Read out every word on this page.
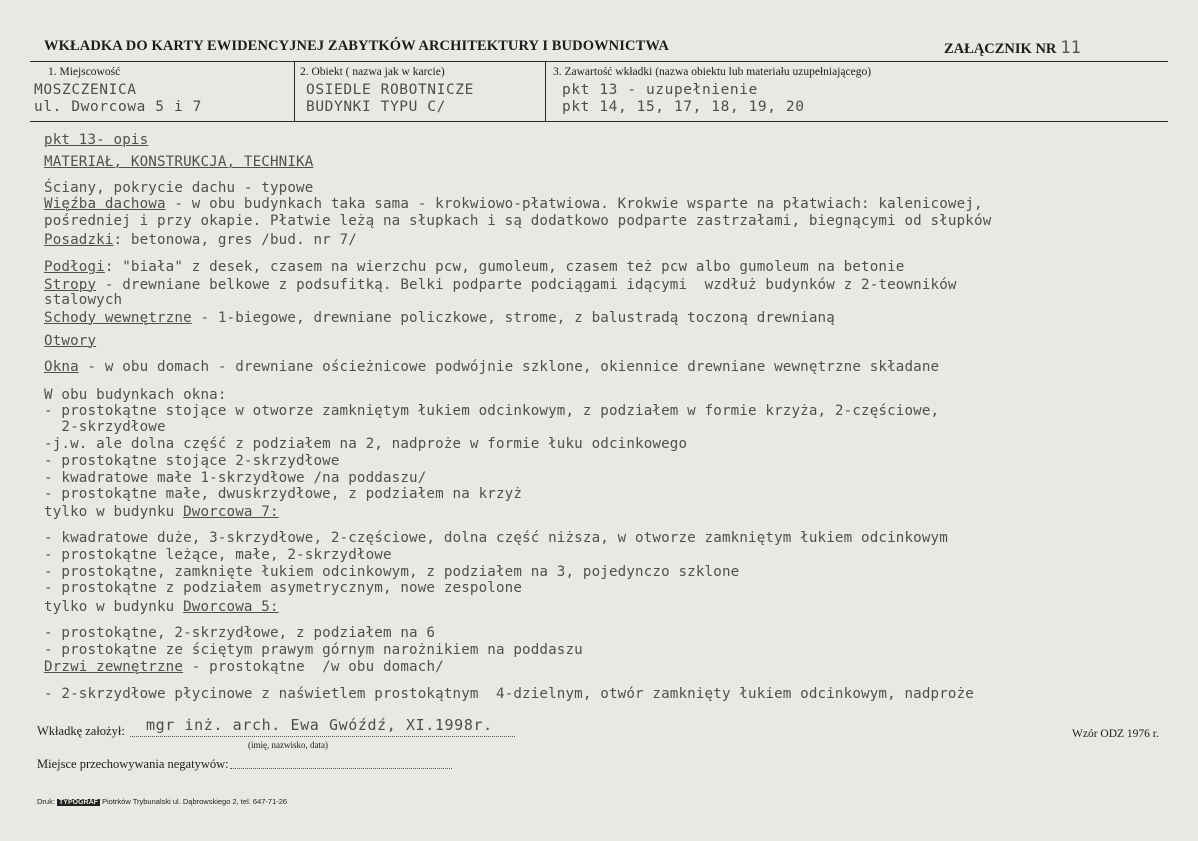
WKŁADKA DO KARTY EWIDENCYJNEJ ZABYTKÓW ARCHITEKTURY I BUDOWNICTWA	ZAŁĄCZNIK NR 11
1. Miejscowość
MOSZCZENICA
ul. Dworcowa 5 i 7
2. Obiekt ( nazwa jak w karcie)
OSIEDLE ROBOTNICZE
BUDYNKI TYPU C/
3. Zawartość wkładki (nazwa obiektu lub materiału uzupełniającego)
pkt 13 - uzupełnienie
pkt 14, 15, 17, 18, 19, 20
pkt 13- opis
MATERIAŁ, KONSTRUKCJA, TECHNIKA
Ściany, pokrycie dachu - typowe
Więźba dachowa - w obu budynkach taka sama - krokwiowo-płatwiowa. Krokwie wsparte na płatwiach: kalenicowej,
pośredniej i przy okapie. Płatwie leżą na słupkach i są dodatkowo podparte zastrzałami, biegnącymi od słupków
Posadzki: betonowa, gres /bud. nr 7/
Podłogi: "biała" z desek, czasem na wierzchu pcw, gumoleum, czasem też pcw albo gumoleum na betonie
Stropy - drewniane belkowe z podsufitką. Belki podparte podciągami idącymi  wzdłuż budynków z 2-teowników
stalowych
Schody wewnętrzne - 1-biegowe, drewniane policzkowe, strome, z balustradą toczoną drewnianą
Otwory
Okna - w obu domach - drewniane ościeżnicowe podwójnie szklone, okiennice drewniane wewnętrzne składane
W obu budynkach okna:
- prostokątne stojące w otworze zamkniętym łukiem odcinkowym, z podziałem w formie krzyża, 2-częściowe,
2-skrzydłowe
-j.w. ale dolna część z podziałem na 2, nadproże w formie łuku odcinkowego
- prostokątne stojące 2-skrzydłowe
- kwadratowe małe 1-skrzydłowe /na poddaszu/
- prostokątne małe, dwuskrzydłowe, z podziałem na krzyż
tylko w budynku Dworcowa 7:
- kwadratowe duże, 3-skrzydłowe, 2-częściowe, dolna część niższa, w otworze zamkniętym łukiem odcinkowym
- prostokątne leżące, małe, 2-skrzydłowe
- prostokątne, zamknięte łukiem odcinkowym, z podziałem na 3, pojedynczo szklone
- prostokątne z podziałem asymetrycznym, nowe zespolone
tylko w budynku Dworcowa 5:
- prostokątne, 2-skrzydłowe, z podziałem na 6
- prostokątne ze ściętym prawym górnym narożnikiem na poddaszu
Drzwi zewnętrzne - prostokątne  /w obu domach/
- 2-skrzydłowe płycinowe z naświetlem prostokątnym  4-dzielnym, otwór zamknięty łukiem odcinkowym, nadproże
Wkładkę założył: mgr inż. arch. Ewa Gwóźdź, XI.1998r.
(imię, nazwisko, data)
Wzór ODZ 1976 r.
Miejsce przechowywania negatywów:
Druk: TYPOGRAF Piotrków Trybunalski ul. Dąbrowskiego 2, tel. 647-71-26
